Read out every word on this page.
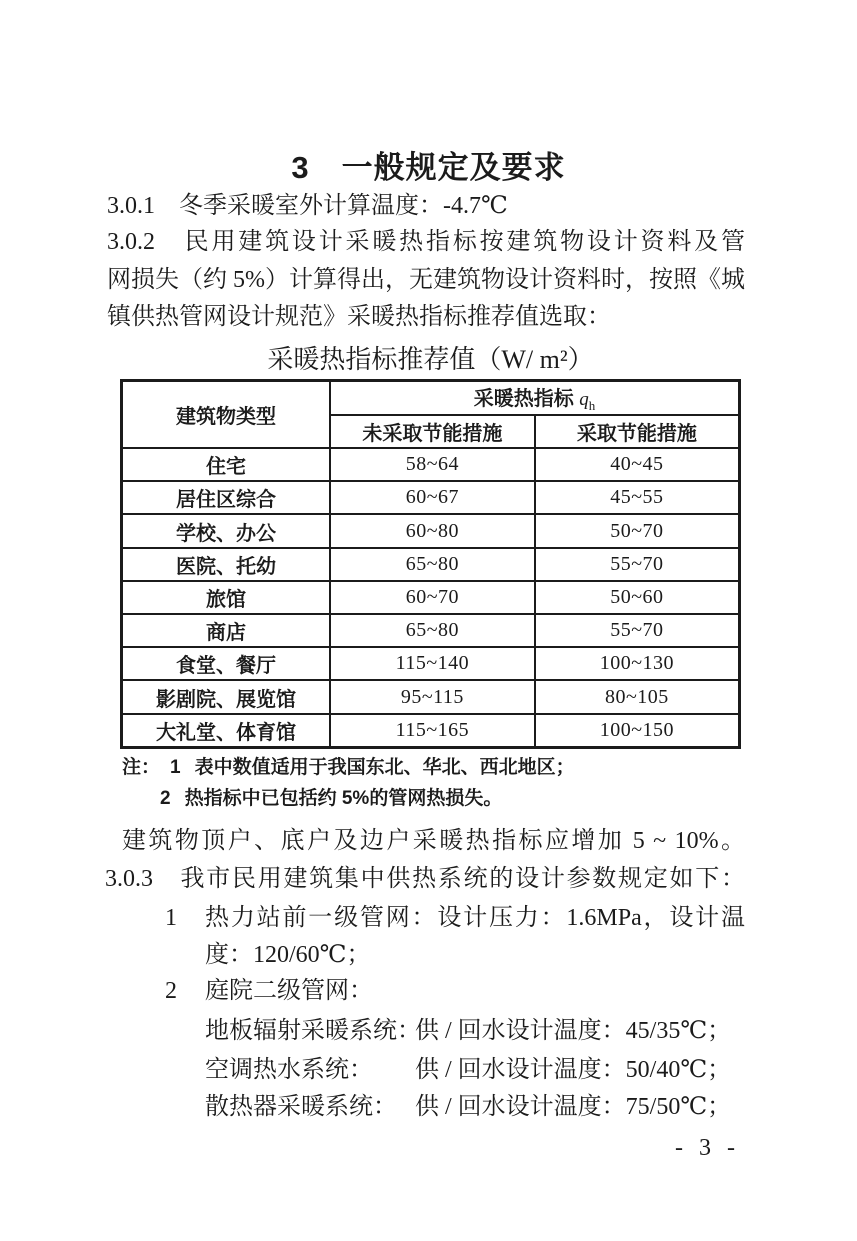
3　一般规定及要求
3.0.1　冬季采暖室外计算温度：-4.7℃
3.0.2　民用建筑设计采暖热指标按建筑物设计资料及管
网损失（约 5%）计算得出，无建筑物设计资料时，按照《城
镇供热管网设计规范》采暖热指标推荐值选取：
采暖热指标推荐值（W/ m²）
建筑物类型	采暖热指标 $q_h$
	未采取节能措施	采取节能措施
住宅	58~64	40~45
居住区综合	60~67	45~55
学校、办公	60~80	50~70
医院、托幼	65~80	55~70
旅馆	60~70	50~60
商店	65~80	55~70
食堂、餐厅	115~140	100~130
影剧院、展览馆	95~115	80~105
大礼堂、体育馆	115~165	100~150
注： 1 表中数值适用于我国东北、华北、西北地区；
2 热指标中已包括约 5%的管网热损失。
建筑物顶户、底户及边户采暖热指标应增加 5 ~ 10%。
3.0.3　我市民用建筑集中供热系统的设计参数规定如下：
1	热力站前一级管网：设计压力：1.6MPa，设计温
度：120/60℃；
2	庭院二级管网：
地板辐射采暖系统：供 / 回水设计温度：45/35℃；
空调热水系统： 供 / 回水设计温度：50/40℃；
散热器采暖系统： 供 / 回水设计温度：75/50℃；
- 3 -
